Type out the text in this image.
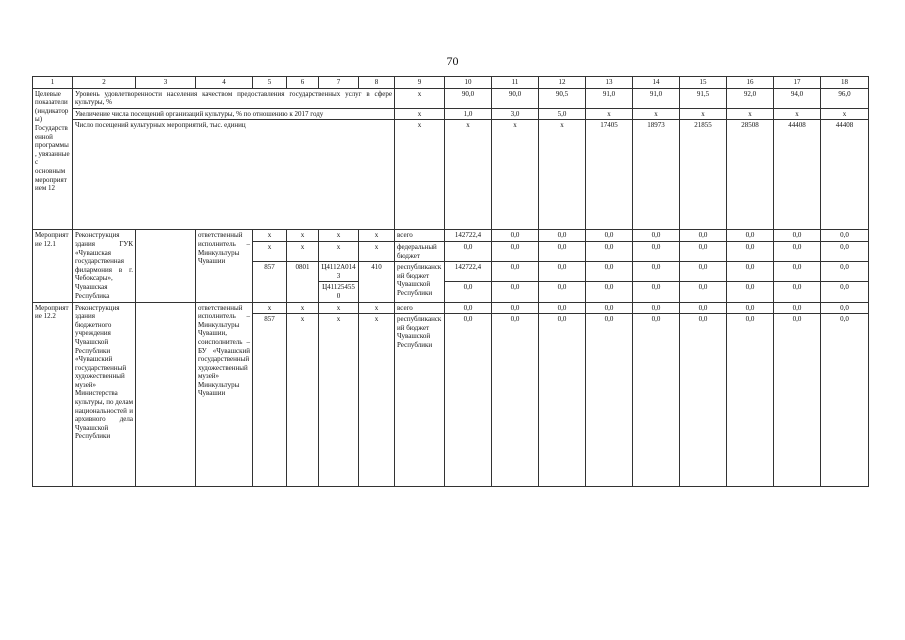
70
1	2	3	4	5	6	7	8	9	10	11	12	13	14	15	16	17	18
Целевые показатели (индикаторы) Государственной программы, увязанные с основным мероприятием 12	Уровень удовлетворенности населения качеством предоставления государственных услуг в сфере культуры, %							x	90,0	90,0	90,5	91,0	91,0	91,5	92,0	94,0	96,0
	Увеличение числа посещений организаций культуры, % по отношению к 2017 году							x	1,0	3,0	5,0	x	x	x	x	x	x
	Число посещений культурных мероприятий, тыс. единиц							x	x	x	x	17405	18973	21855	28508	44408	44408
Мероприятие 12.1	Реконструкция здания ГУК «Чувашская государственная филармония в г. Чебоксары», Чувашская Республика		ответственный исполнитель – Минкультуры Чувашии	x	x	x	x	всего	142722,4	0,0	0,0	0,0	0,0	0,0	0,0	0,0	0,0
				x	x	x	x	федеральный бюджет	0,0	0,0	0,0	0,0	0,0	0,0	0,0	0,0	0,0
				857	0801	Ц4112А0143	410	республиканский бюджет Чувашской Республики	142722,4	0,0	0,0	0,0	0,0	0,0	0,0	0,0	0,0
						Ц411254550			0,0	0,0	0,0	0,0	0,0	0,0	0,0	0,0	0,0

Мероприятие 12.2	Реконструкция здания бюджетного учреждения Чувашской Республики «Чувашский государственный художественный музей» Министерства культуры, по делам национальностей и архивного дела Чувашской Республики		ответственный исполнитель – Минкультуры Чувашии, соисполнитель – БУ «Чувашский государственный художественный музей» Минкультуры Чувашии	x	x	x	x	всего	0,0	0,0	0,0	0,0	0,0	0,0	0,0	0,0	0,0
				857	x	x	x	республиканский бюджет Чувашской Республики	0,0	0,0	0,0	0,0	0,0	0,0	0,0	0,0	0,0
